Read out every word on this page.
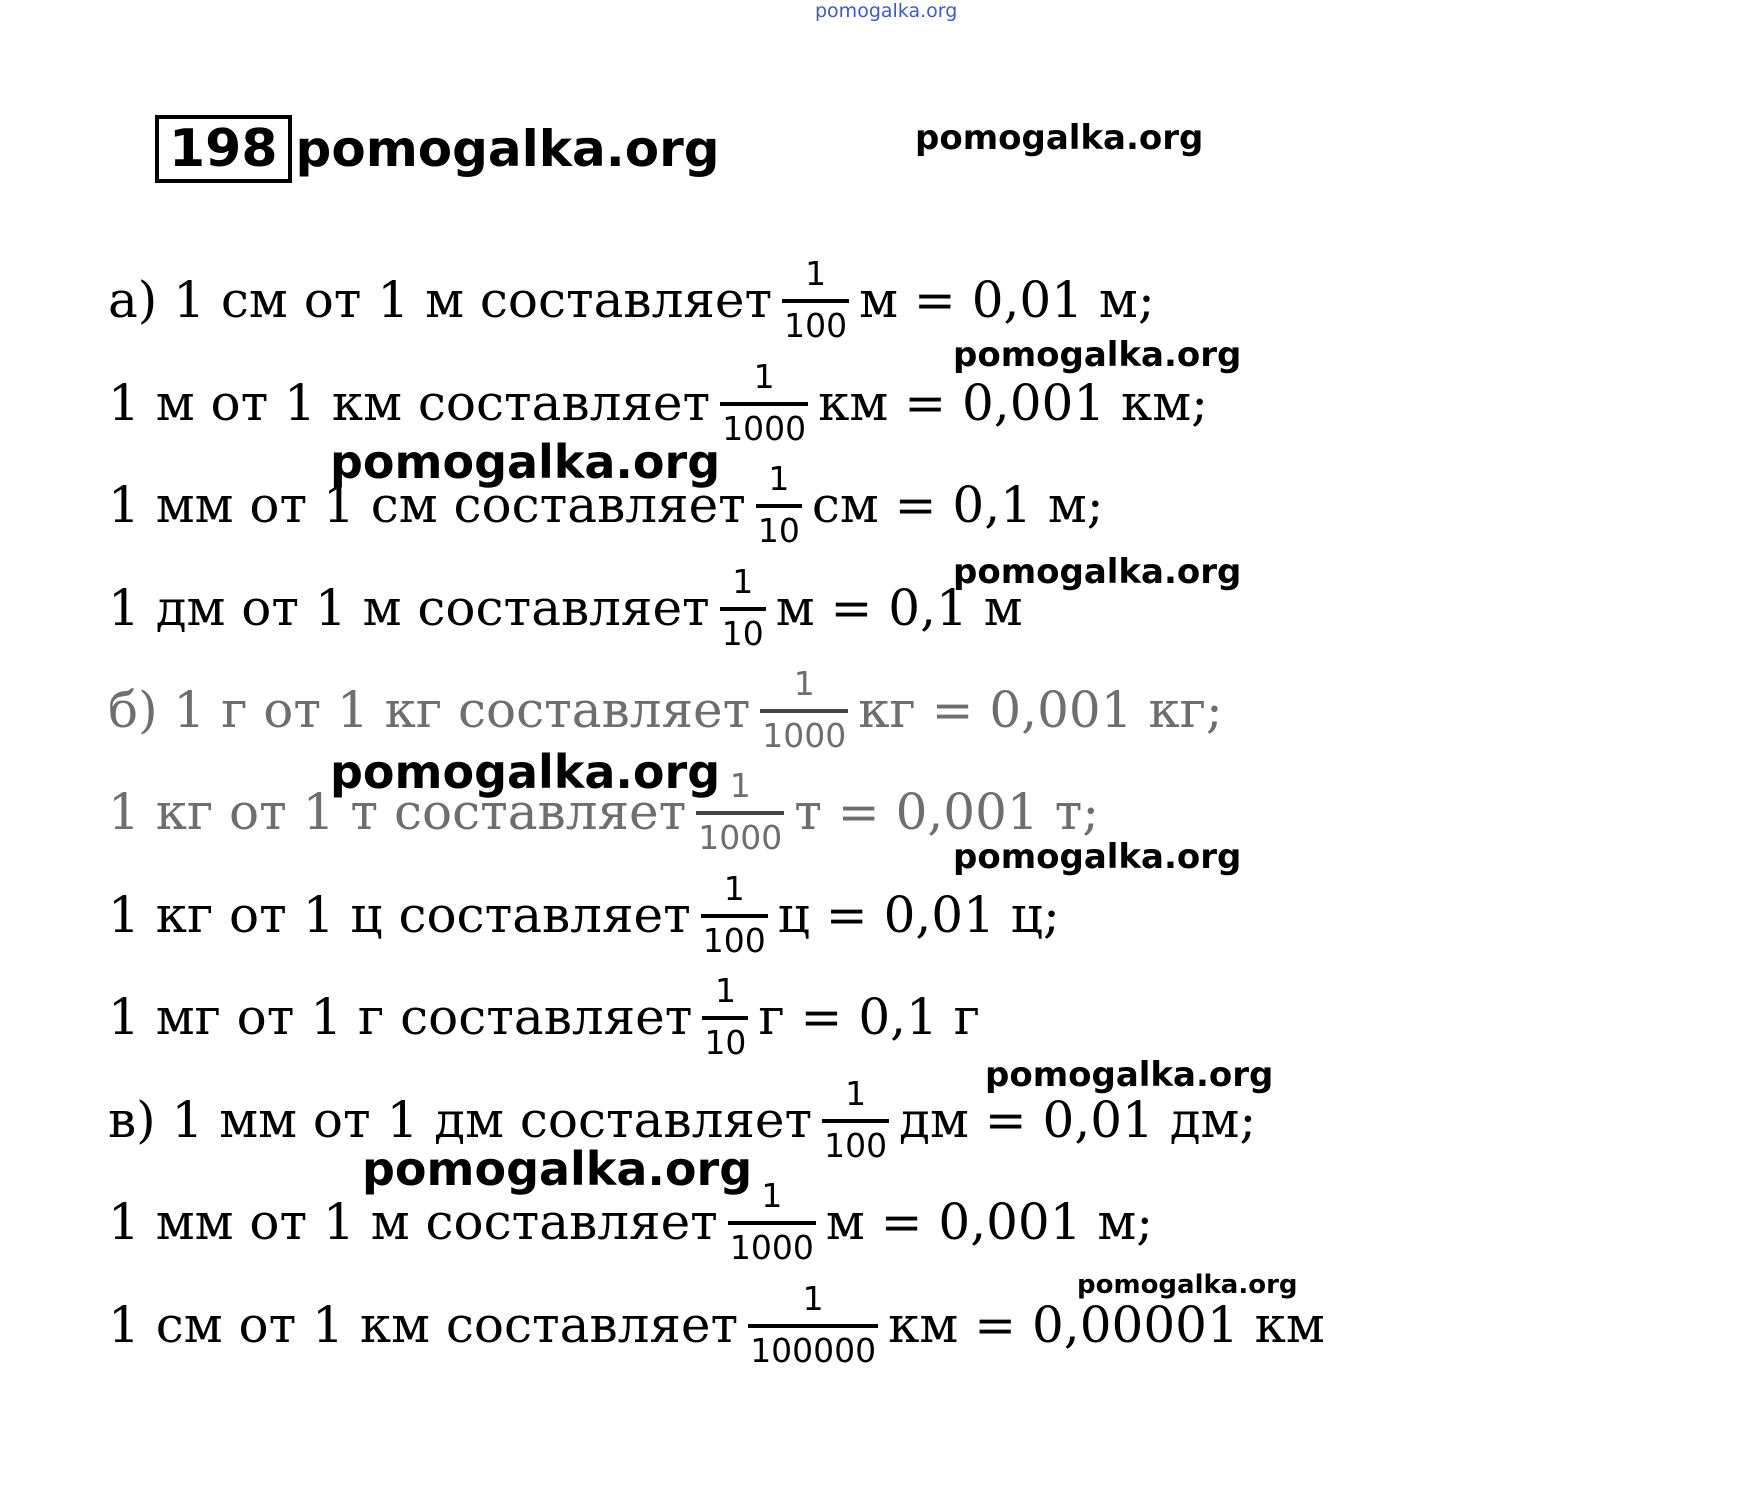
pomogalka.org
198 pomogalka.org	pomogalka.org
а) 1 см от 1 м составляет $\frac{1}{100}$ м = 0,01 м;
1 м от 1 км составляет $\frac{1}{1000}$ км = 0,001 км;
1 мм от 1 см составляет $\frac{1}{10}$ см = 0,1 м;
1 дм от 1 м составляет $\frac{1}{10}$ м = 0,1 м
б) 1 г от 1 кг составляет $\frac{1}{1000}$ кг = 0,001 кг;
1 кг от 1 т составляет $\frac{1}{1000}$ т = 0,001 т;
1 кг от 1 ц составляет $\frac{1}{100}$ ц = 0,01 ц;
1 мг от 1 г составляет $\frac{1}{10}$ г = 0,1 г
в) 1 мм от 1 дм составляет $\frac{1}{100}$ дм = 0,01 дм;
1 мм от 1 м составляет $\frac{1}{1000}$ м = 0,001 м;
1 см от 1 км составляет $\frac{1}{100000}$ км = 0,00001 км
pomogalka.org
pomogalka.org
pomogalka.org
pomogalka.org
pomogalka.org
pomogalka.org
pomogalka.org
pomogalka.org
